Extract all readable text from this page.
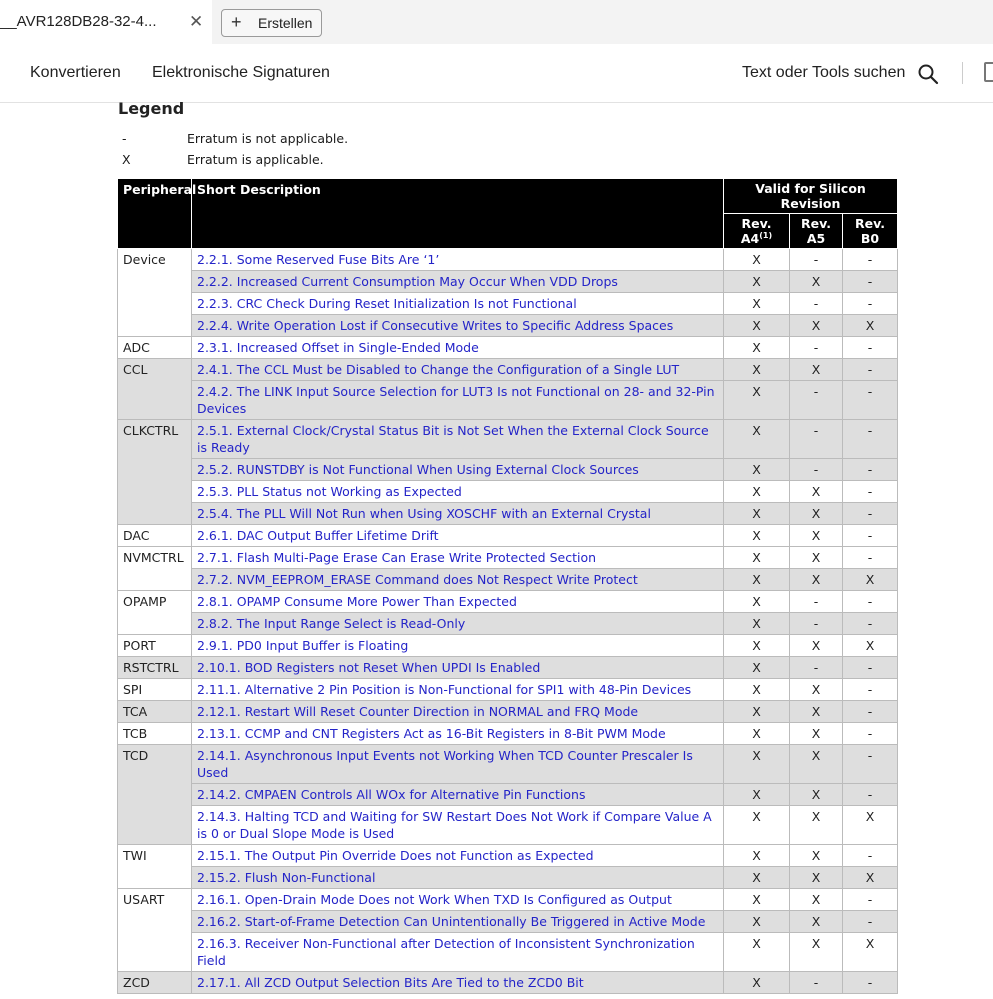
__AVR128DB28-32-4... ✕ + Erstellen
Konvertieren Elektronische Signaturen	Text oder Tools suchen
Legend
-	Erratum is not applicable.
X	Erratum is applicable.
Peripheral	Short Description	Valid for Silicon Revision		
		Rev. A4$^{(1)}$	Rev. A5	Rev. B0
Device	2.2.1. Some Reserved Fuse Bits Are ‘1’	X	-	-
	2.2.2. Increased Current Consumption May Occur When VDD Drops	X	X	-
	2.2.3. CRC Check During Reset Initialization Is not Functional	X	-	-
	2.2.4. Write Operation Lost if Consecutive Writes to Specific Address Spaces	X	X	X
ADC	2.3.1. Increased Offset in Single-Ended Mode	X	-	-
CCL	2.4.1. The CCL Must be Disabled to Change the Configuration of a Single LUT	X	X	-
	2.4.2. The LINK Input Source Selection for LUT3 Is not Functional on 28- and 32-Pin Devices	X	-	-
CLKCTRL	2.5.1. External Clock/Crystal Status Bit is Not Set When the External Clock Source is Ready	X	-	-
	2.5.2. RUNSTDBY is Not Functional When Using External Clock Sources	X	-	-
	2.5.3. PLL Status not Working as Expected	X	X	-
	2.5.4. The PLL Will Not Run when Using XOSCHF with an External Crystal	X	X	-
DAC	2.6.1. DAC Output Buffer Lifetime Drift	X	X	-
NVMCTRL	2.7.1. Flash Multi-Page Erase Can Erase Write Protected Section	X	X	-
	2.7.2. NVM_EEPROM_ERASE Command does Not Respect Write Protect	X	X	X
OPAMP	2.8.1. OPAMP Consume More Power Than Expected	X	-	-
	2.8.2. The Input Range Select is Read-Only	X	-	-
PORT	2.9.1. PD0 Input Buffer is Floating	X	X	X
RSTCTRL	2.10.1. BOD Registers not Reset When UPDI Is Enabled	X	-	-
SPI	2.11.1. Alternative 2 Pin Position is Non-Functional for SPI1 with 48-Pin Devices	X	X	-
TCA	2.12.1. Restart Will Reset Counter Direction in NORMAL and FRQ Mode	X	X	-
TCB	2.13.1. CCMP and CNT Registers Act as 16-Bit Registers in 8-Bit PWM Mode	X	X	-
TCD	2.14.1. Asynchronous Input Events not Working When TCD Counter Prescaler Is Used	X	X	-
	2.14.2. CMPAEN Controls All WOx for Alternative Pin Functions	X	X	-
	2.14.3. Halting TCD and Waiting for SW Restart Does Not Work if Compare Value A is 0 or Dual Slope Mode is Used	X	X	X
TWI	2.15.1. The Output Pin Override Does not Function as Expected	X	X	-
	2.15.2. Flush Non-Functional	X	X	X
USART	2.16.1. Open-Drain Mode Does not Work When TXD Is Configured as Output	X	X	-
	2.16.2. Start-of-Frame Detection Can Unintentionally Be Triggered in Active Mode	X	X	-
	2.16.3. Receiver Non-Functional after Detection of Inconsistent Synchronization Field	X	X	X
ZCD	2.17.1. All ZCD Output Selection Bits Are Tied to the ZCD0 Bit	X	-	-
